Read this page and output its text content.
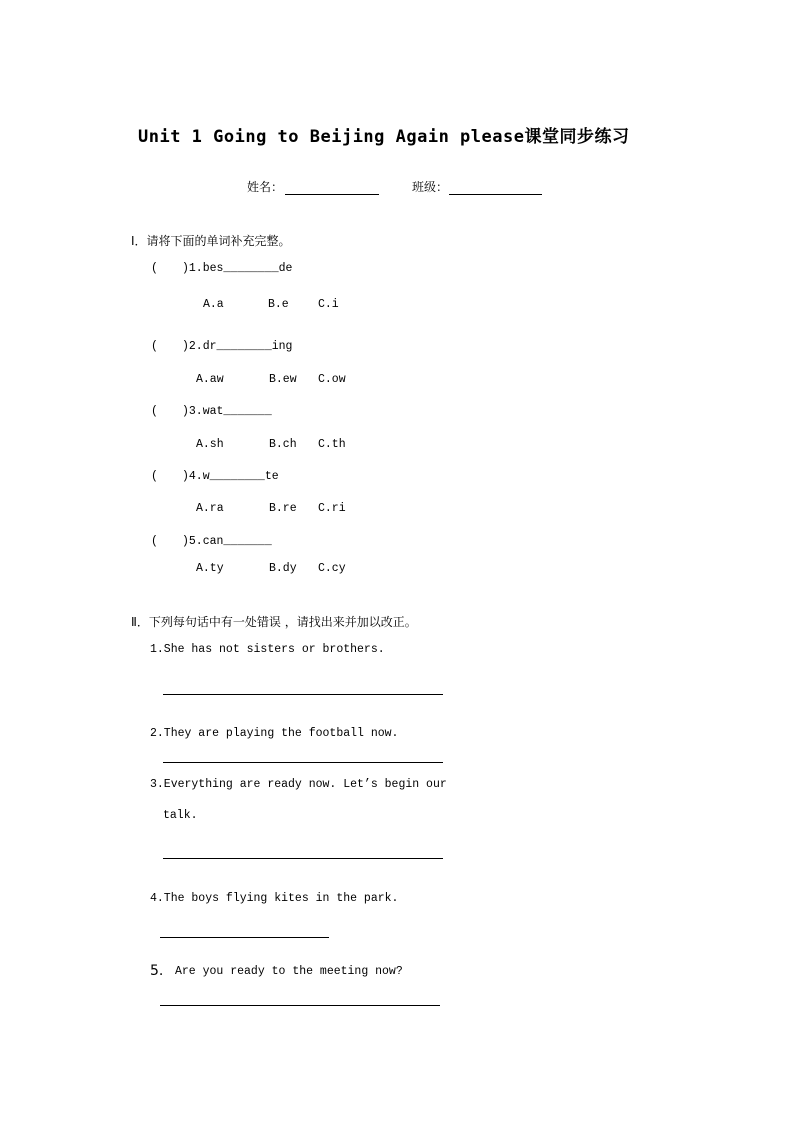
Unit 1 Going to Beijing Again please课堂同步练习
姓名：	班级：
Ⅰ．请将下面的单词补充完整。
( )1.bes________de
A.a	B.e	C.i
( )2.dr________ing
A.aw	B.ew C.ow
( )3.wat_______
A.sh	B.ch C.th
( )4.w________te
A.ra	B.re C.ri
( )5.can_______
A.ty	B.dy C.cy
Ⅱ．下列每句话中有一处错误 ，请找出来并加以改正。
1.She has not sisters or brothers.
2.They are playing the football now.
3.Everything are ready now. Let’s begin our
talk.
4.The boys flying kites in the park.
5. Are you ready to the meeting now?
